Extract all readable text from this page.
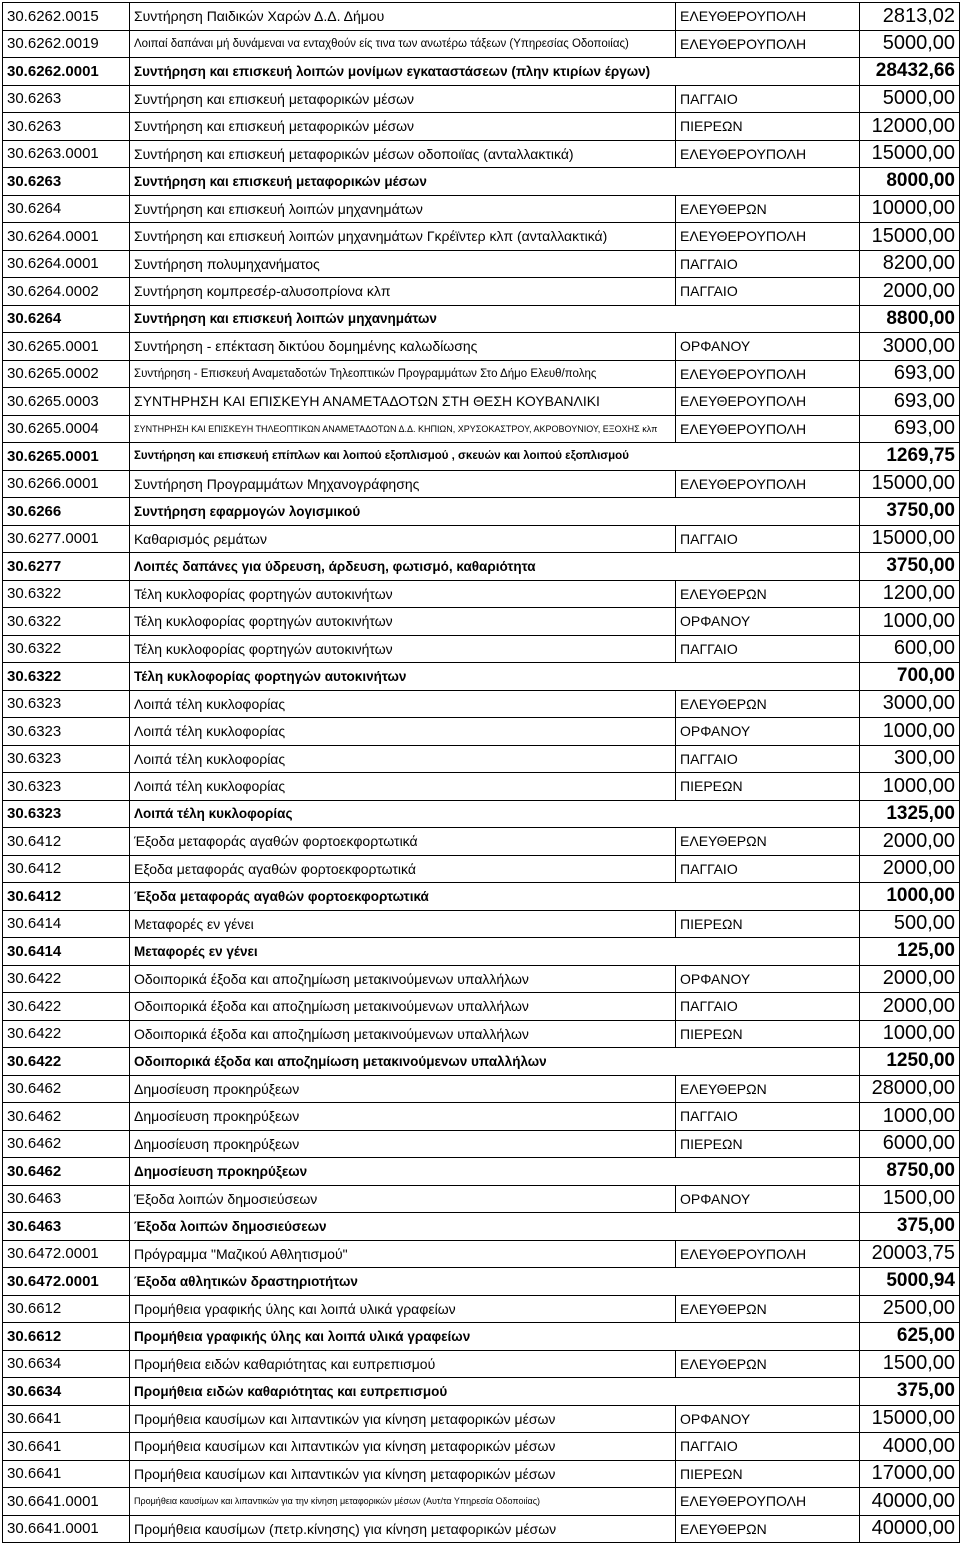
30.6262.0015	Συντήρηση Παιδικών Χαρών Δ.Δ. Δήμου	ΕΛΕΥΘΕΡΟΥΠΟΛΗ	2813,02
30.6262.0019	Λοιπαί δαπάναι μή δυνάμεναι να ενταχθούν είς τινα των ανωτέρω τάξεων (Υπηρεσίας Οδοποιίας)	ΕΛΕΥΘΕΡΟΥΠΟΛΗ	5000,00
30.6262.0001	Συντήρηση και επισκευή λοιπών μονίμων εγκαταστάσεων (πλην κτιρίων έργων)		28432,66
30.6263	Συντήρηση και επισκευή μεταφορικών μέσων	ΠΑΓΓΑΙΟ	5000,00
30.6263	Συντήρηση και επισκευή μεταφορικών μέσων	ΠΙΕΡΕΩΝ	12000,00
30.6263.0001	Συντήρηση και επισκευή μεταφορικών μέσων οδοποιϊας (ανταλλακτικά)	ΕΛΕΥΘΕΡΟΥΠΟΛΗ	15000,00
30.6263	Συντήρηση και επισκευή μεταφορικών μέσων		8000,00
30.6264	Συντήρηση και επισκευή λοιπών μηχανημάτων	ΕΛΕΥΘΕΡΩΝ	10000,00
30.6264.0001	Συντήρηση και επισκευή λοιπών μηχανημάτων Γκρέϊντερ κλπ (ανταλλακτικά)	ΕΛΕΥΘΕΡΟΥΠΟΛΗ	15000,00
30.6264.0001	Συντήρηση πολυμηχανήματος	ΠΑΓΓΑΙΟ	8200,00
30.6264.0002	Συντήρηση κομπρεσέρ-αλυσοπρίονα κλπ	ΠΑΓΓΑΙΟ	2000,00
30.6264	Συντήρηση και επισκευή λοιπών μηχανημάτων		8800,00
30.6265.0001	Συντήρηση - επέκταση δικτύου δομημένης καλωδίωσης	ΟΡΦΑΝΟΥ	3000,00
30.6265.0002	Συντήρηση - Επισκευή Αναμεταδοτών Τηλεοπτικών Προγραμμάτων Στο Δήμο Ελευθ/πολης	ΕΛΕΥΘΕΡΟΥΠΟΛΗ	693,00
30.6265.0003	ΣΥΝΤΗΡΗΣΗ ΚΑΙ ΕΠΙΣΚΕΥΗ ΑΝΑΜΕΤΑΔΟΤΩΝ ΣΤΗ ΘΕΣΗ ΚΟΥΒΑΝΛΙΚΙ	ΕΛΕΥΘΕΡΟΥΠΟΛΗ	693,00
30.6265.0004	ΣΥΝΤΗΡΗΣΗ ΚΑΙ ΕΠΙΣΚΕΥΗ ΤΗΛΕΟΠΤΙΚΩΝ ΑΝΑΜΕΤΑΔΟΤΩΝ Δ.Δ. ΚΗΠΙΩΝ, ΧΡΥΣΟΚΑΣΤΡΟΥ, ΑΚΡΟΒΟΥΝΙΟΥ, ΕΞΟΧΗΣ κλπ	ΕΛΕΥΘΕΡΟΥΠΟΛΗ	693,00
30.6265.0001	Συντήρηση και επισκευή επίπλων και λοιπού εξοπλισμού , σκευών και λοιπού εξοπλισμού		1269,75
30.6266.0001	Συντήρηση Προγραμμάτων Μηχανογράφησης	ΕΛΕΥΘΕΡΟΥΠΟΛΗ	15000,00
30.6266	Συντήρηση εφαρμογών λογισμικού		3750,00
30.6277.0001	Καθαρισμός ρεμάτων	ΠΑΓΓΑΙΟ	15000,00
30.6277	Λοιπές δαπάνες για ύδρευση, άρδευση, φωτισμό, καθαριότητα		3750,00
30.6322	Τέλη κυκλοφορίας φορτηγών αυτοκινήτων	ΕΛΕΥΘΕΡΩΝ	1200,00
30.6322	Τέλη κυκλοφορίας φορτηγών αυτοκινήτων	ΟΡΦΑΝΟΥ	1000,00
30.6322	Τέλη κυκλοφορίας φορτηγών αυτοκινήτων	ΠΑΓΓΑΙΟ	600,00
30.6322	Τέλη κυκλοφορίας φορτηγών αυτοκινήτων		700,00
30.6323	Λοιπά τέλη κυκλοφορίας	ΕΛΕΥΘΕΡΩΝ	3000,00
30.6323	Λοιπά τέλη κυκλοφορίας	ΟΡΦΑΝΟΥ	1000,00
30.6323	Λοιπά τέλη κυκλοφορίας	ΠΑΓΓΑΙΟ	300,00
30.6323	Λοιπά τέλη κυκλοφορίας	ΠΙΕΡΕΩΝ	1000,00
30.6323	Λοιπά τέλη κυκλοφορίας		1325,00
30.6412	Έξοδα μεταφοράς αγαθών φορτοεκφορτωτικά	ΕΛΕΥΘΕΡΩΝ	2000,00
30.6412	Εξοδα μεταφοράς αγαθών φορτοεκφορτωτικά	ΠΑΓΓΑΙΟ	2000,00
30.6412	Έξοδα μεταφοράς αγαθών φορτοεκφορτωτικά		1000,00
30.6414	Μεταφορές εν γένει	ΠΙΕΡΕΩΝ	500,00
30.6414	Μεταφορές εν γένει		125,00
30.6422	Οδοιπορικά έξοδα και αποζημίωση μετακινούμενων υπαλλήλων	ΟΡΦΑΝΟΥ	2000,00
30.6422	Οδοιπορικά έξοδα και αποζημίωση μετακινούμενων υπαλλήλων	ΠΑΓΓΑΙΟ	2000,00
30.6422	Οδοιπορικά έξοδα και αποζημίωση μετακινούμενων υπαλλήλων	ΠΙΕΡΕΩΝ	1000,00
30.6422	Οδοιπορικά έξοδα και αποζημίωση μετακινούμενων υπαλλήλων		1250,00
30.6462	Δημοσίευση προκηρύξεων	ΕΛΕΥΘΕΡΩΝ	28000,00
30.6462	Δημοσίευση προκηρύξεων	ΠΑΓΓΑΙΟ	1000,00
30.6462	Δημοσίευση προκηρύξεων	ΠΙΕΡΕΩΝ	6000,00
30.6462	Δημοσίευση προκηρύξεων		8750,00
30.6463	Έξοδα λοιπών δημοσιεύσεων	ΟΡΦΑΝΟΥ	1500,00
30.6463	Έξοδα λοιπών δημοσιεύσεων		375,00
30.6472.0001	Πρόγραμμα "Μαζικού Αθλητισμού"	ΕΛΕΥΘΕΡΟΥΠΟΛΗ	20003,75
30.6472.0001	Έξοδα αθλητικών δραστηριοτήτων		5000,94
30.6612	Προμήθεια γραφικής ύλης και λοιπά υλικά γραφείων	ΕΛΕΥΘΕΡΩΝ	2500,00
30.6612	Προμήθεια γραφικής ύλης και λοιπά υλικά γραφείων		625,00
30.6634	Προμήθεια ειδών καθαριότητας και ευπρεπισμού	ΕΛΕΥΘΕΡΩΝ	1500,00
30.6634	Προμήθεια ειδών καθαριότητας και ευπρεπισμού		375,00
30.6641	Προμήθεια καυσίμων και λιπαντικών για κίνηση μεταφορικών μέσων	ΟΡΦΑΝΟΥ	15000,00
30.6641	Προμήθεια καυσίμων και λιπαντικών για κίνηση μεταφορικών μέσων	ΠΑΓΓΑΙΟ	4000,00
30.6641	Προμήθεια καυσίμων και λιπαντικών για κίνηση μεταφορικών μέσων	ΠΙΕΡΕΩΝ	17000,00
30.6641.0001	Προμήθεια καυσίμων και λιπαντικών για την κίνηση μεταφορικών μέσων (Αυτ/τα Υπηρεσία Οδοποιίας)	ΕΛΕΥΘΕΡΟΥΠΟΛΗ	40000,00
30.6641.0001	Προμήθεια καυσίμων (πετρ.κίνησης) για κίνηση μεταφορικών μέσων	ΕΛΕΥΘΕΡΩΝ	40000,00
